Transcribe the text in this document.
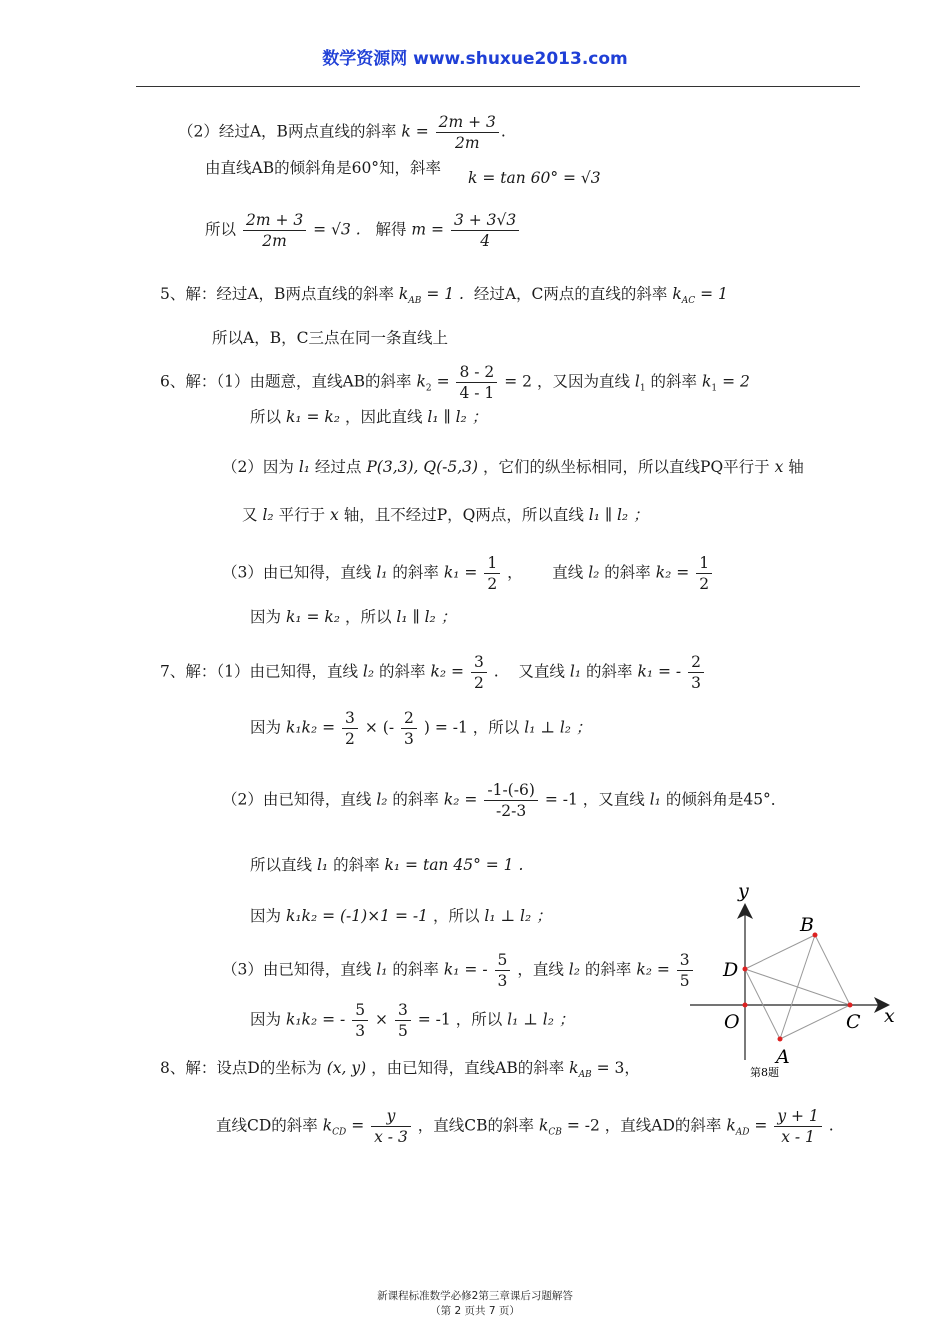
数学资源网 www.shuxue2013.com
（2）经过A，B两点直线的斜率 $k = \frac{2m + 3}{2m}$ .
由直线AB的倾斜角是60°知，斜率
k = tan 60° = √3
所以 $\frac{2m + 3}{2m} = √3$ . 解得 $m = \frac{3 + 3√3}{4}$
5、解：经过A，B两点直线的斜率 $k_{AB} = 1$ . 经过A，C两点的直线的斜率 $k_{AC} = 1$
所以A，B，C三点在同一条直线上
6、解：（1）由题意，直线AB的斜率 $k_2 = \frac{8 - 2}{4 - 1} = 2$ ，又因为直线 $l_1$ 的斜率 $k_1 = 2$
所以 k₁ = k₂ ，因此直线 l₁ ∥ l₂ ；
（2）因为 l₁ 经过点 P(3,3), Q(-5,3) ，它们的纵坐标相同，所以直线PQ平行于 x 轴
又 l₂ 平行于 x 轴，且不经过P，Q两点，所以直线 l₁ ∥ l₂ ；
（3）由已知得，直线 l₁ 的斜率 $k_1 = \frac{1}{2}$ ， 直线 l₂ 的斜率 $k_2 = \frac{1}{2}$
因为 k₁ = k₂ ，所以 l₁ ∥ l₂ ；
7、解：（1）由已知得，直线 l₂ 的斜率 $k_2 = \frac{3}{2}$ . 又直线 l₁ 的斜率 k₁ = - $\frac{2}{3}$
因为 $k_1k_2 = \frac{3}{2}$ × (- $\frac{2}{3}$ ) = -1 ，所以 l₁ ⊥ l₂ ；
（2）由已知得，直线 l₂ 的斜率 $k_2 = \frac{-1-(-6)}{-2-3} = -1$ ，又直线 l₁ 的倾斜角是45°．
所以直线 l₁ 的斜率 k₁ = tan 45° = 1 .
因为 k₁k₂ = (-1)×1 = -1 ，所以 l₁ ⊥ l₂ ；
（3）由已知得，直线 l₁ 的斜率 k₁ = - $\frac{5}{3}$ ，直线 l₂ 的斜率 $k_2 = \frac{3}{5}$
因为 k₁k₂ = - $\frac{5}{3} \times \frac{3}{5} = -1$ ，所以 l₁ ⊥ l₂ ；
8、解：设点D的坐标为 (x, y) ，由已知得，直线AB的斜率 $k_{AB} = 3$，
直线CD的斜率 $k_{CD} = \frac{y}{x - 3}$ ，直线CB的斜率 $k_{CB} = -2$ ，直线AD的斜率 $k_{AD} = \frac{y + 1}{x - 1}$ .
y
x
O
B
D
C
A
第8题
新课程标准数学必修2第三章课后习题解答
（第 2 页共 7 页）
